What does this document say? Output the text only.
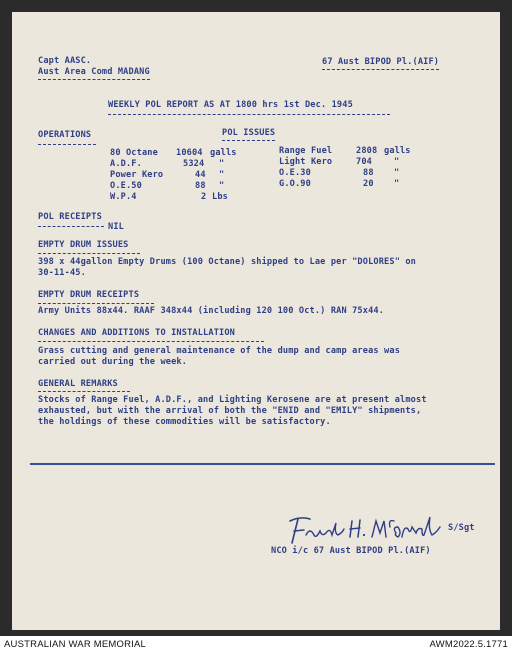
Capt AASC.
Aust Area Comd MADANG
67 Aust BIPOD Pl.(AIF)
WEEKLY POL REPORT AS AT 1800 hrs 1st Dec. 1945
OPERATIONS	POL ISSUES
80 Octane 10604 galls
A.D.F.	5324 "
Power Kero	44 "
O.E.50	88 "
W.P.4	2 Lbs
Range Fuel	2808 galls
Light Kero	704	"
O.E.30	88 "
G.O.90	20 "
POL RECEIPTS
NIL
EMPTY DRUM ISSUES
398 x 44gallon Empty Drums (100 Octane) shipped to Lae per "DOLORES" on
30-11-45.
EMPTY DRUM RECEIPTS
Army Units 88x44. RAAF 348x44 (including 120 100 Oct.) RAN 75x44.
CHANGES AND ADDITIONS TO INSTALLATION
Grass cutting and general maintenance of the dump and camp areas was
carried out during the week.
GENERAL REMARKS
Stocks of Range Fuel, A.D.F., and Lighting Kerosene are at present almost
exhausted, but with the arrival of both the "ENID and "EMILY" shipments,
the holdings of these commodities will be satisfactory.
S/Sgt
NCO i/c 67 Aust BIPOD Pl.(AIF)
AUSTRALIAN WAR MEMORIAL	AWM2022.5.1771
